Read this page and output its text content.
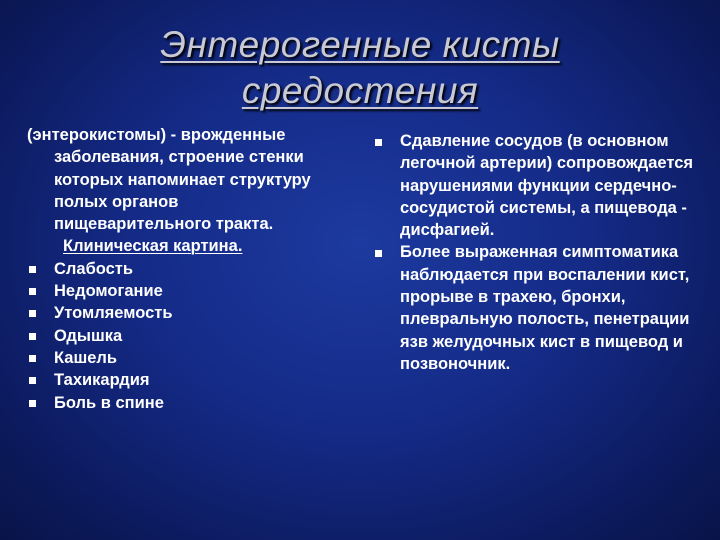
Энтерогенные кисты
средостения
(энтерокистомы) - врожденные заболевания, строение стенки которых напоминает структуру полых органов пищеварительного тракта.
Клиническая картина.
Слабость
Недомогание
Утомляемость
Одышка
Кашель
Тахикардия
Боль в спине
Сдавление сосудов (в основном легочной артерии) сопровождается нарушениями функции сердечно-сосудистой системы, а пищевода - дисфагией.
Более выраженная симптоматика наблюдается при воспалении кист, прорыве в трахею, бронхи, плевральную полость, пенетрации язв желудочных кист в пищевод и позвоночник.
